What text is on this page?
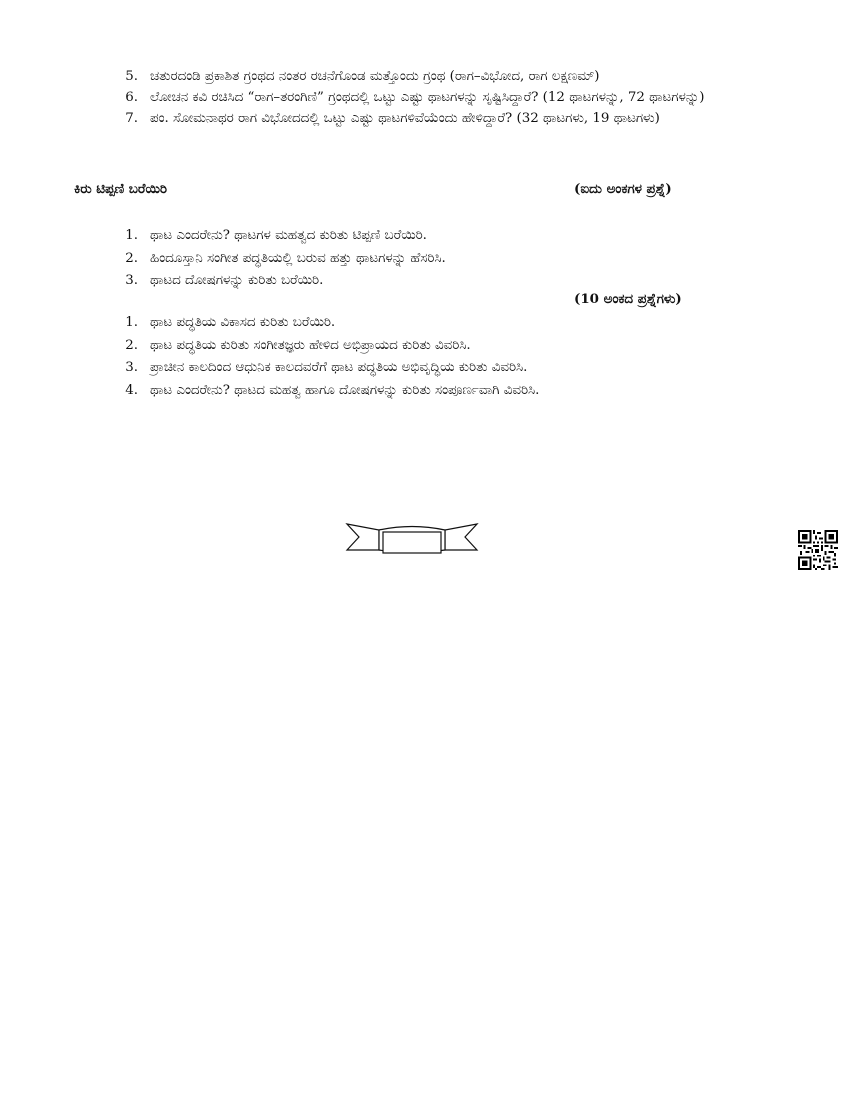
5. ಚತುರದಂಡಿ ಪ್ರಕಾಶಿತ ಗ್ರಂಥದ ನಂತರ ರಚನೆಗೊಂಡ ಮತ್ತೊಂದು ಗ್ರಂಥ (ರಾಗ–ವಿಭೋದ, ರಾಗ ಲಕ್ಷಣಮ್)
6. ಲೋಚನ ಕವಿ ರಚಿಸಿದ “ರಾಗ–ತರಂಗಿಣಿ” ಗ್ರಂಥದಲ್ಲಿ ಒಟ್ಟು ಎಷ್ಟು ಥಾಟಗಳನ್ನು ಸೃಷ್ಟಿಸಿದ್ದಾರೆ? (12 ಥಾಟಗಳನ್ನು, 72 ಥಾಟಗಳನ್ನು)
7. ಪಂ. ಸೋಮನಾಥರ ರಾಗ ವಿಭೋದದಲ್ಲಿ ಒಟ್ಟು ಎಷ್ಟು ಥಾಟಗಳಿವೆಯೆಂದು ಹೇಳಿದ್ದಾರೆ? (32 ಥಾಟಗಳು, 19 ಥಾಟಗಳು)
ಕಿರು ಟಿಪ್ಪಣಿ ಬರೆಯಿರಿ	(ಐದು ಅಂಕಗಳ ಪ್ರಶ್ನೆ)
1. ಥಾಟ ಎಂದರೇನು? ಥಾಟಗಳ ಮಹತ್ವದ ಕುರಿತು ಟಿಪ್ಪಣಿ ಬರೆಯಿರಿ.
2. ಹಿಂದೂಸ್ತಾನಿ ಸಂಗೀತ ಪದ್ಧತಿಯಲ್ಲಿ ಬರುವ ಹತ್ತು ಥಾಟಗಳನ್ನು ಹೆಸರಿಸಿ.
3. ಥಾಟದ ದೋಷಗಳನ್ನು ಕುರಿತು ಬರೆಯಿರಿ.
(10 ಅಂಕದ ಪ್ರಶ್ನೆಗಳು)
1. ಥಾಟ ಪದ್ಧತಿಯ ವಿಕಾಸದ ಕುರಿತು ಬರೆಯಿರಿ.
2. ಥಾಟ ಪದ್ಧತಿಯ ಕುರಿತು ಸಂಗೀತಜ್ಞರು ಹೇಳಿದ ಅಭಿಪ್ರಾಯದ ಕುರಿತು ವಿವರಿಸಿ.
3. ಪ್ರಾಚೀನ ಕಾಲದಿಂದ ಆಧುನಿಕ ಕಾಲದವರೆಗೆ ಥಾಟ ಪದ್ಧತಿಯ ಅಭಿವೃದ್ಧಿಯ ಕುರಿತು ವಿವರಿಸಿ.
4. ಥಾಟ ಎಂದರೇನು? ಥಾಟದ ಮಹತ್ವ ಹಾಗೂ ದೋಷಗಳನ್ನು ಕುರಿತು ಸಂಪೂರ್ಣವಾಗಿ ವಿವರಿಸಿ.
